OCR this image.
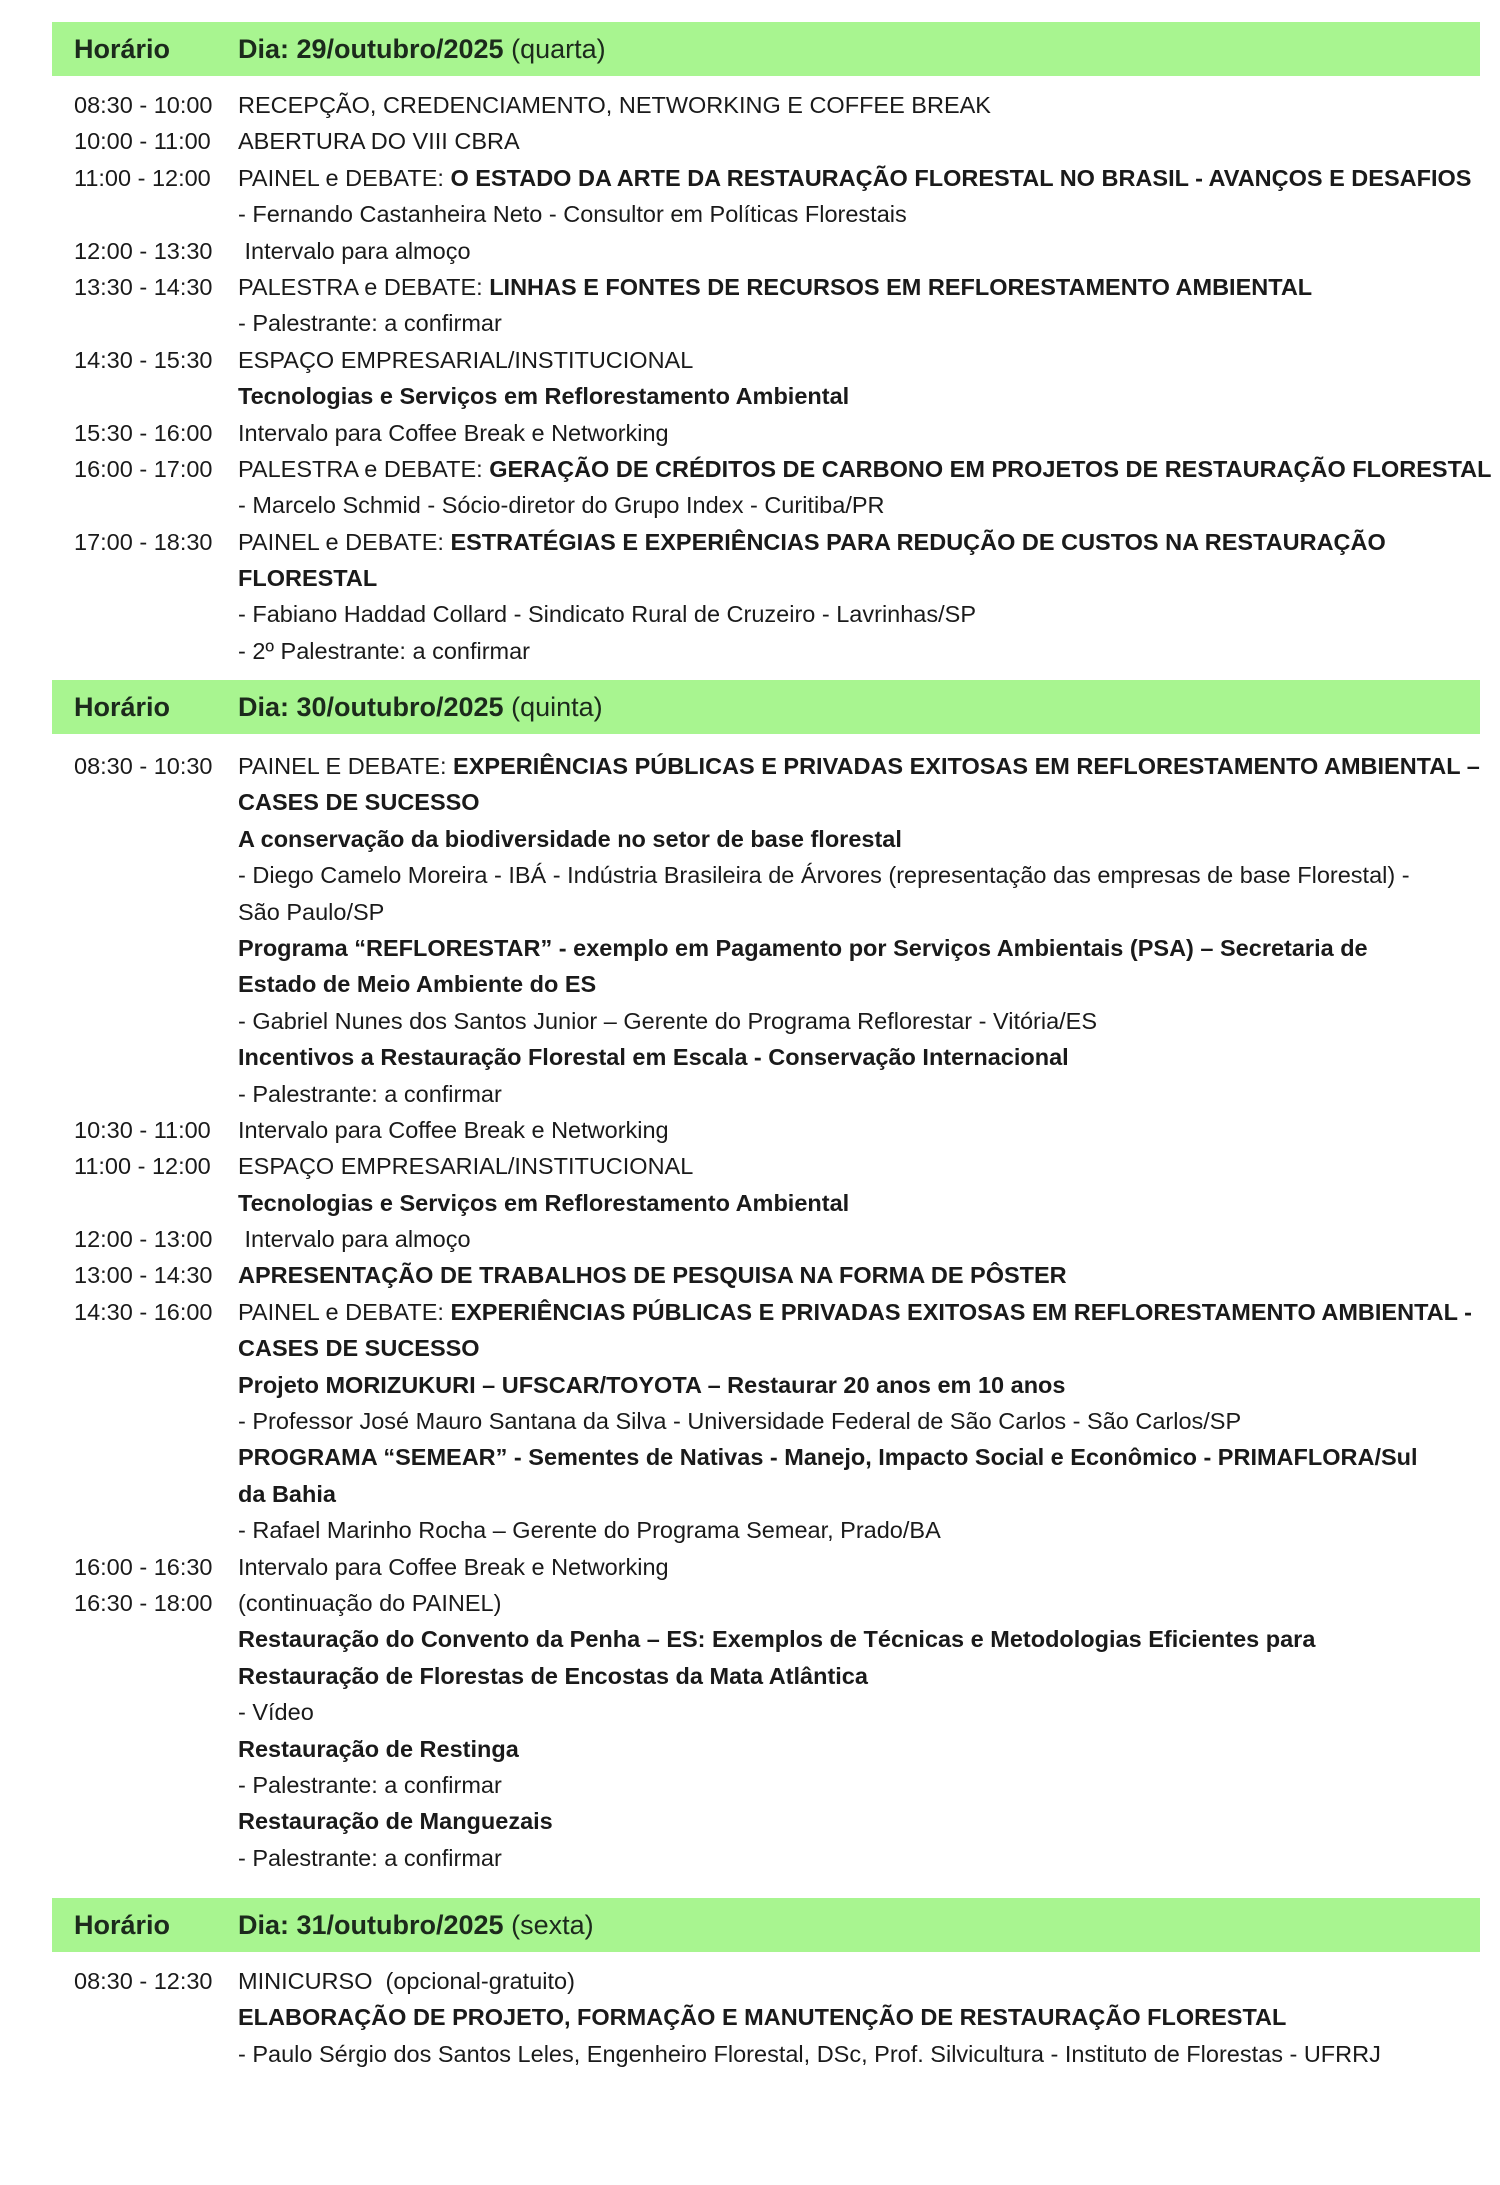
Horário	Dia: 29/outubro/2025 (quarta)
08:30 - 10:00 RECEPÇÃO, CREDENCIAMENTO, NETWORKING E COFFEE BREAK
10:00 - 11:00 ABERTURA DO VIII CBRA
11:00 - 12:00 PAINEL e DEBATE: O ESTADO DA ARTE DA RESTAURAÇÃO FLORESTAL NO BRASIL - AVANÇOS E DESAFIOS
- Fernando Castanheira Neto - Consultor em Políticas Florestais
12:00 - 13:30 Intervalo para almoço
13:30 - 14:30 PALESTRA e DEBATE: LINHAS E FONTES DE RECURSOS EM REFLORESTAMENTO AMBIENTAL
- Palestrante: a confirmar
14:30 - 15:30 ESPAÇO EMPRESARIAL/INSTITUCIONAL
Tecnologias e Serviços em Reflorestamento Ambiental
15:30 - 16:00 Intervalo para Coffee Break e Networking
16:00 - 17:00 PALESTRA e DEBATE: GERAÇÃO DE CRÉDITOS DE CARBONO EM PROJETOS DE RESTAURAÇÃO FLORESTAL
- Marcelo Schmid - Sócio-diretor do Grupo Index - Curitiba/PR
17:00 - 18:30 PAINEL e DEBATE: ESTRATÉGIAS E EXPERIÊNCIAS PARA REDUÇÃO DE CUSTOS NA RESTAURAÇÃO
FLORESTAL
- Fabiano Haddad Collard - Sindicato Rural de Cruzeiro - Lavrinhas/SP
- 2º Palestrante: a confirmar
Horário	Dia: 30/outubro/2025 (quinta)
08:30 - 10:30 PAINEL E DEBATE: EXPERIÊNCIAS PÚBLICAS E PRIVADAS EXITOSAS EM REFLORESTAMENTO AMBIENTAL –
CASES DE SUCESSO
A conservação da biodiversidade no setor de base florestal
- Diego Camelo Moreira - IBÁ - Indústria Brasileira de Árvores (representação das empresas de base Florestal) -
São Paulo/SP
Programa “REFLORESTAR” - exemplo em Pagamento por Serviços Ambientais (PSA) – Secretaria de
Estado de Meio Ambiente do ES
- Gabriel Nunes dos Santos Junior – Gerente do Programa Reflorestar - Vitória/ES
Incentivos a Restauração Florestal em Escala - Conservação Internacional
- Palestrante: a confirmar
10:30 - 11:00 Intervalo para Coffee Break e Networking
11:00 - 12:00 ESPAÇO EMPRESARIAL/INSTITUCIONAL
Tecnologias e Serviços em Reflorestamento Ambiental
12:00 - 13:00 Intervalo para almoço
13:00 - 14:30 APRESENTAÇÃO DE TRABALHOS DE PESQUISA NA FORMA DE PÔSTER
14:30 - 16:00 PAINEL e DEBATE: EXPERIÊNCIAS PÚBLICAS E PRIVADAS EXITOSAS EM REFLORESTAMENTO AMBIENTAL -
CASES DE SUCESSO
Projeto MORIZUKURI – UFSCAR/TOYOTA – Restaurar 20 anos em 10 anos
- Professor José Mauro Santana da Silva - Universidade Federal de São Carlos - São Carlos/SP
PROGRAMA “SEMEAR” - Sementes de Nativas - Manejo, Impacto Social e Econômico - PRIMAFLORA/Sul
da Bahia
- Rafael Marinho Rocha – Gerente do Programa Semear, Prado/BA
16:00 - 16:30 Intervalo para Coffee Break e Networking
16:30 - 18:00 (continuação do PAINEL)
Restauração do Convento da Penha – ES: Exemplos de Técnicas e Metodologias Eficientes para
Restauração de Florestas de Encostas da Mata Atlântica
- Vídeo
Restauração de Restinga
- Palestrante: a confirmar
Restauração de Manguezais
- Palestrante: a confirmar
Horário	Dia: 31/outubro/2025 (sexta)
08:30 - 12:30 MINICURSO  (opcional-gratuito)
ELABORAÇÃO DE PROJETO, FORMAÇÃO E MANUTENÇÃO DE RESTAURAÇÃO FLORESTAL
- Paulo Sérgio dos Santos Leles, Engenheiro Florestal, DSc, Prof. Silvicultura - Instituto de Florestas - UFRRJ
